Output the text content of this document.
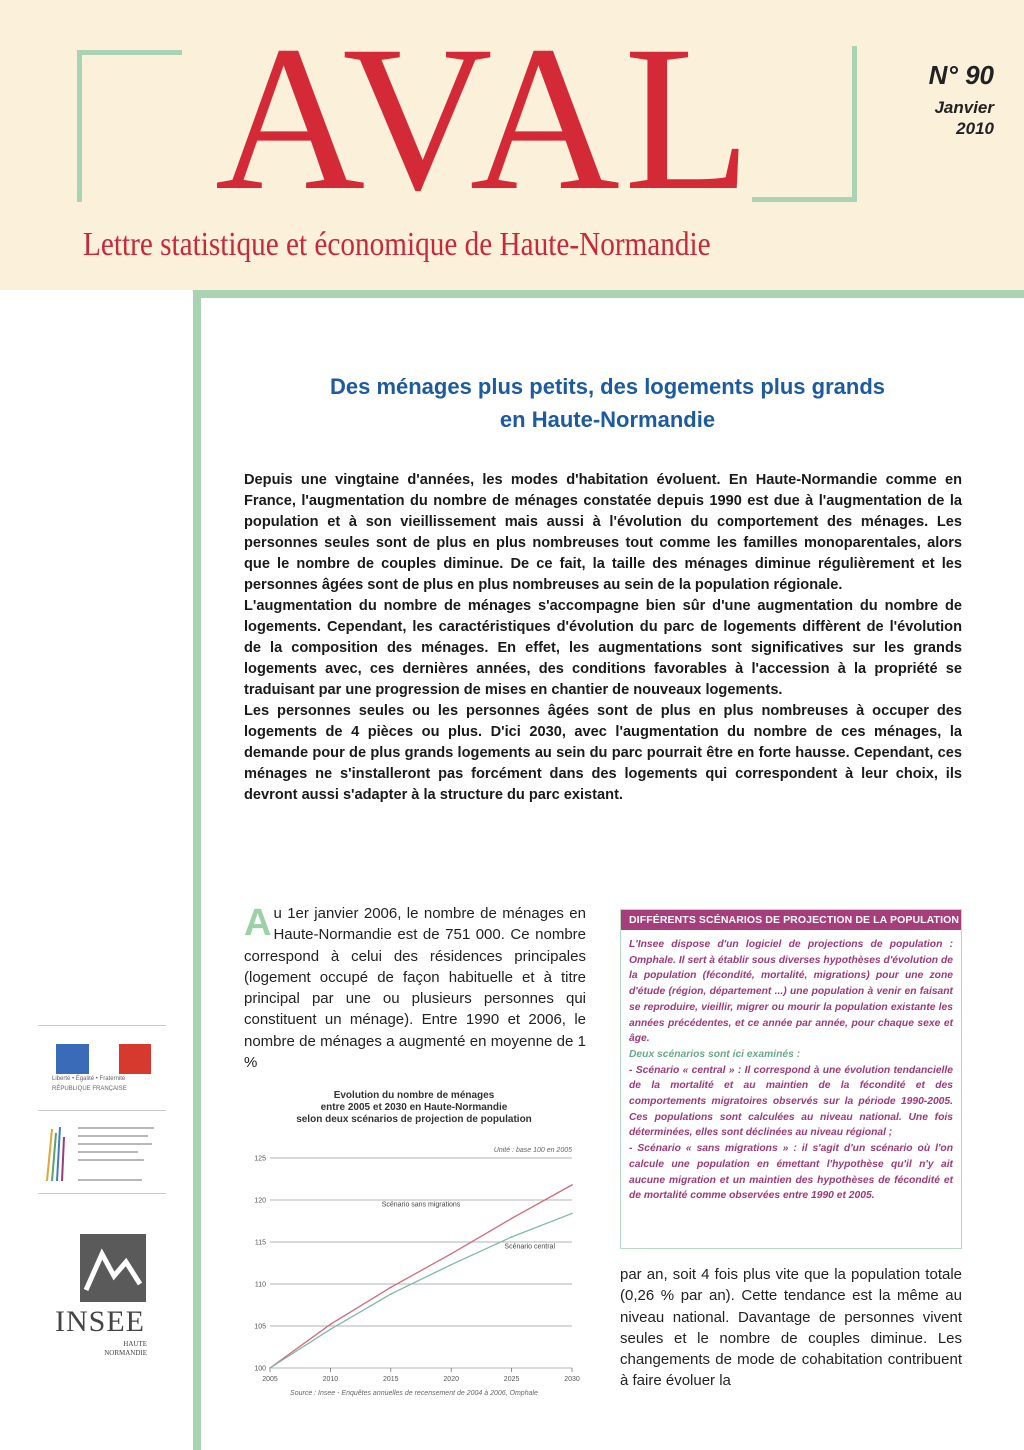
AVAL
Lettre statistique et économique de Haute-Normandie
N° 90
Janvier
2010
Des ménages plus petits, des logements plus grands
en Haute-Normandie

Depuis une vingtaine d'années, les modes d'habitation évoluent. En Haute-Normandie comme en France, l'augmentation du nombre de ménages constatée depuis 1990 est due à l'augmentation de la population et à son vieillissement mais aussi à l'évolution du comportement des ménages. Les personnes seules sont de plus en plus nombreuses tout comme les familles monoparentales, alors que le nombre de couples diminue. De ce fait, la taille des ménages diminue régulièrement et les personnes âgées sont de plus en plus nombreuses au sein de la population régionale.

L'augmentation du nombre de ménages s'accompagne bien sûr d'une augmentation du nombre de logements. Cependant, les caractéristiques d'évolution du parc de logements diffèrent de l'évolution de la composition des ménages. En effet, les augmentations sont significatives sur les grands logements avec, ces dernières années, des conditions favorables à l'accession à la propriété se traduisant par une progression de mises en chantier de nouveaux logements.

Les personnes seules ou les personnes âgées sont de plus en plus nombreuses à occuper des logements de 4 pièces ou plus. D'ici 2030, avec l'augmentation du nombre de ces ménages, la demande pour de plus grands logements au sein du parc pourrait être en forte hausse. Cependant, ces ménages ne s'installeront pas forcément dans des logements qui correspondent à leur choix, ils devront aussi s'adapter à la structure du parc existant.

Au 1er janvier 2006, le nombre de ménages en Haute-Normandie est de 751 000. Ce nombre correspond à celui des résidences principales (logement occupé de façon habituelle et à titre principal par une ou plusieurs personnes qui constituent un ménage). Entre 1990 et 2006, le nombre de ménages a augmenté en moyenne de 1 %
Evolution du nombre de ménages
entre 2005 et 2030 en Haute-Normandie
selon deux scénarios de projection de population
Unité : base 100 en 2005
100
105
110
115
120
125
2005	2010	2015	2020	2025	2030
Scénario sans migrations
Scénario central
Source : Insee - Enquêtes annuelles de recensement de 2004 à 2006, Omphale
DIFFÉRENTS SCÉNARIOS DE PROJECTION DE LA POPULATION

L'Insee dispose d'un logiciel de projections de population : Omphale. Il sert à établir sous diverses hypothèses d'évolution de la population (fécondité, mortalité, migrations) pour une zone d'étude (région, département ...) une population à venir en faisant se reproduire, vieillir, migrer ou mourir la population existante les années précédentes, et ce année par année, pour chaque sexe et âge.

Deux scénarios sont ici examinés :

- Scénario « central » : Il correspond à une évolution tendancielle de la mortalité et au maintien de la fécondité et des comportements migratoires observés sur la période 1990-2005. Ces populations sont calculées au niveau national. Une fois déterminées, elles sont déclinées au niveau régional ;

- Scénario « sans migrations » : il s'agit d'un scénario où l'on calcule une population en émettant l'hypothèse qu'il n'y ait aucune migration et un maintien des hypothèses de fécondité et de mortalité comme observées entre 1990 et 2005.

par an, soit 4 fois plus vite que la population totale (0,26 % par an). Cette tendance est la même au niveau national. Davantage de personnes vivent seules et le nombre de couples diminue. Les changements de mode de cohabitation contribuent à faire évoluer la
Liberté • Égalité • Fraternité
RÉPUBLIQUE FRANÇAISE
INSEE
HAUTE
NORMANDIE
